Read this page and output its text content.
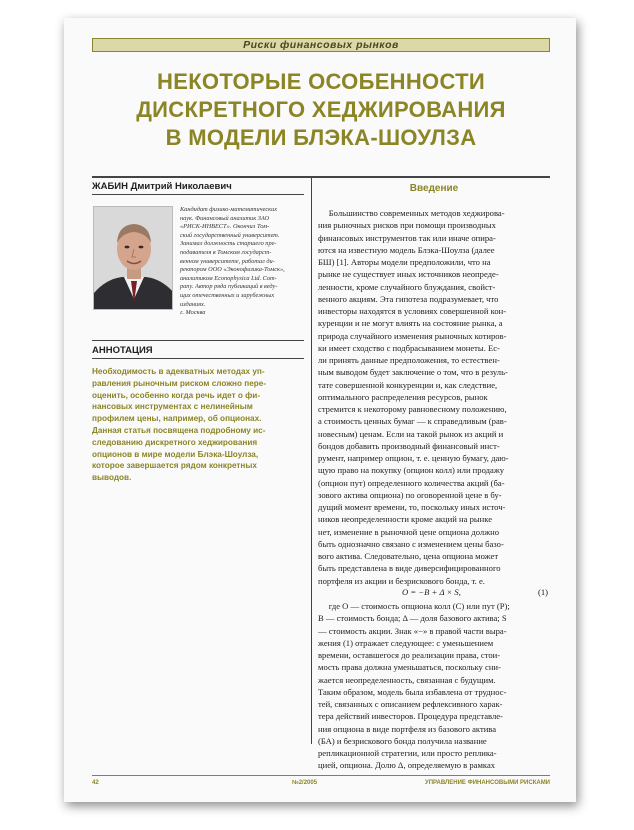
Риски финансовых рынков
НЕКОТОРЫЕ ОСОБЕННОСТИ
ДИСКРЕТНОГО ХЕДЖИРОВАНИЯ
В МОДЕЛИ БЛЭКА-ШОУЛЗА
ЖАБИН Дмитрий Николаевич
Кандидат физико-математических
наук. Финансовый аналитик ЗАО
«РИСК-ИНВЕСТ». Окончил Том-
ский государственный университет.
Занимал должность старшего пре-
подавателя в Томском государст-
венном университете, работал ди-
ректором ООО «Эконофизика-Томск»,
аналитиком Econophysica Ltd. Com-
pany. Автор ряда публикаций в веду-
щих отечественных и зарубежных
изданиях.
г. Москва
АННОТАЦИЯ
Необходимость в адекватных методах уп-
равления рыночным риском сложно пере-
оценить, особенно когда речь идет о фи-
нансовых инструментах с нелинейным
профилем цены, например, об опционах.
Данная статья посвящена подробному ис-
следованию дискретного хеджирования
опционов в мире модели Блэка-Шоулза,
которое завершается рядом конкретных
выводов.
Введение
Большинство современных методов хеджирова-
ния рыночных рисков при помощи производных
финансовых инструментов так или иначе опира-
ются на известную модель Блэка-Шоулза (далее
БШ) [1]. Авторы модели предположили, что на
рынке не существует иных источников неопреде-
ленности, кроме случайного блуждания, свойст-
венного акциям. Эта гипотеза подразумевает, что
инвесторы находятся в условиях совершенной кон-
куренции и не могут влиять на состояние рынка, а
природа случайного изменения рыночных котиров-
ки имеет сходство с подбрасыванием монеты. Ес-
ли принять данные предположения, то естествен-
ным выводом будет заключение о том, что в резуль-
тате совершенной конкуренции и, как следствие,
оптимального распределения ресурсов, рынок
стремится к некоторому равновесному положению,
а стоимость ценных бумаг — к справедливым (рав-
новесным) ценам. Если на такой рынок из акций и
бондов добавить производный финансовый инст-
румент, например опцион, т. е. ценную бумагу, даю-
щую право на покупку (опцион колл) или продажу
(опцион пут) определенного количества акций (ба-
зового актива опциона) по оговоренной цене в бу-
дущий момент времени, то, поскольку иных источ-
ников неопределенности кроме акций на рынке
нет, изменение в рыночной цене опциона должно
быть однозначно связано с изменением цены базо-
вого актива. Следовательно, цена опциона может
быть представлена в виде диверсифицированного
портфеля из акции и безрискового бонда, т. е.
O = −B + Δ × S,	(1)
где O — стоимость опциона колл (C) или пут (P);
B — стоимость бонда; Δ — доля базового актива; S
— стоимость акции. Знак «−» в правой части выра-
жения (1) отражает следующее: с уменьшением
времени, оставшегося до реализации права, стои-
мость права должна уменьшаться, поскольку сни-
жается неопределенность, связанная с будущим.
Таким образом, модель была избавлена от труднос-
тей, связанных с описанием рефлексивного харак-
тера действий инвесторов. Процедура представле-
ния опциона в виде портфеля из базового актива
(БА) и безрискового бонда получила название
репликационной стратегии, или просто реплика-
цией, опциона. Долю Δ, определяемую в рамках
42	№2/2005	УПРАВЛЕНИЕ ФИНАНСОВЫМИ РИСКАМИ
